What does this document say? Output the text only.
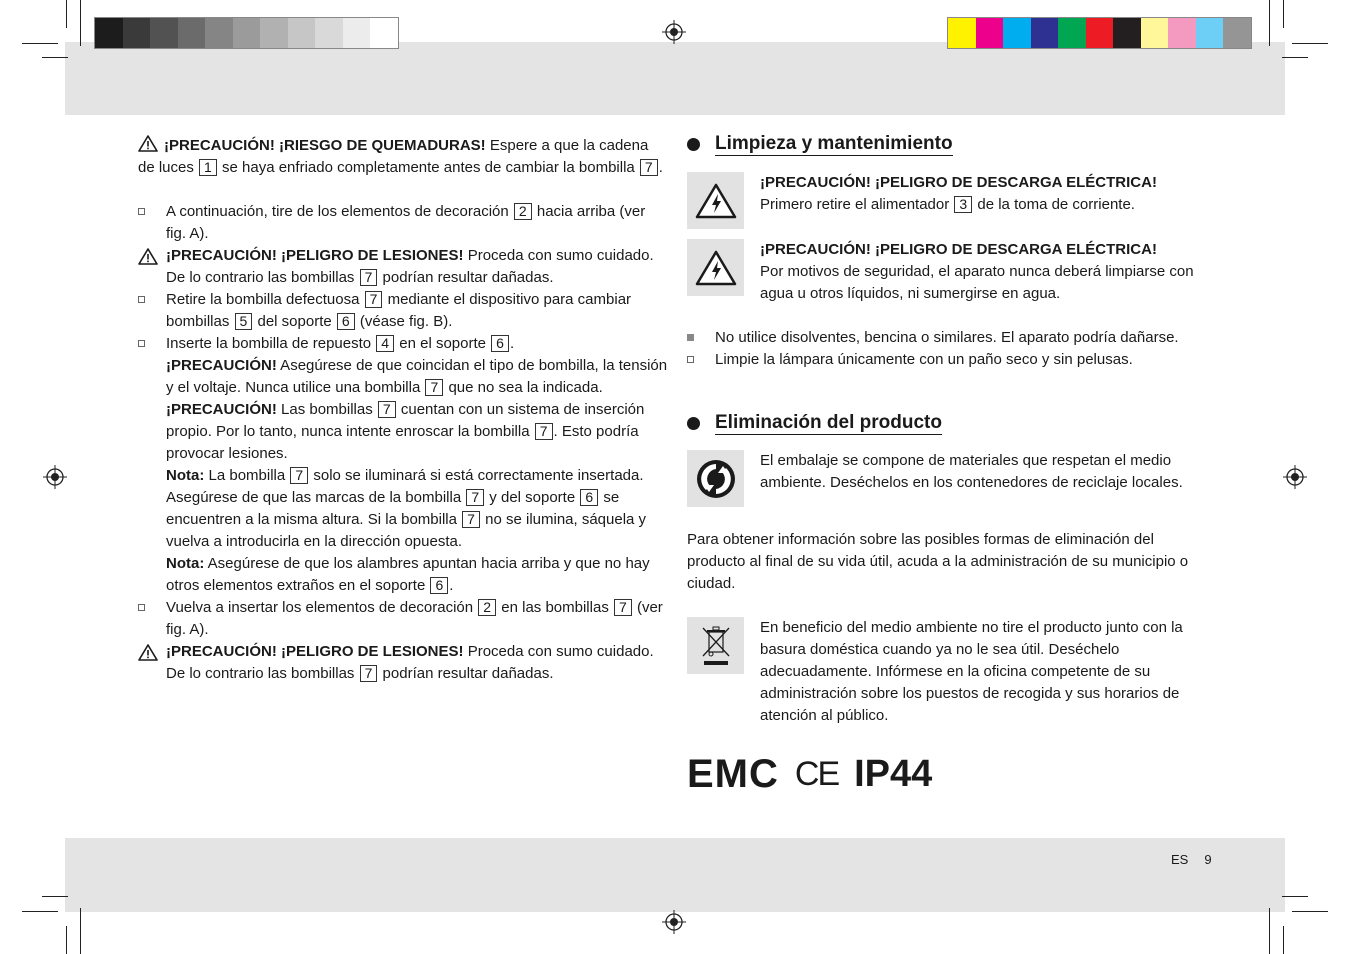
¡PRECAUCIÓN! ¡RIESGO DE QUEMADURAS! Espere a que la cadena de luces 1 se haya enfriado completamente antes de cambiar la bombilla 7 .

A continuación, tire de los elementos de decoración 2 hacia arriba (ver fig. A).

¡PRECAUCIÓN! ¡PELIGRO DE LESIONES! Proceda con sumo cuidado. De lo contrario las bombillas 7 podrían resultar dañadas.

Retire la bombilla defectuosa 7 mediante el dispositivo para cambiar bombillas 5 del soporte 6 (véase fig. B).

Inserte la bombilla de repuesto 4 en el soporte 6 .

¡PRECAUCIÓN! Asegúrese de que coincidan el tipo de bombilla, la tensión y el voltaje. Nunca utilice una bombilla 7 que no sea la indicada.

¡PRECAUCIÓN! Las bombillas 7 cuentan con un sistema de inserción propio. Por lo tanto, nunca intente enroscar la bombilla 7 . Esto podría provocar lesiones.

Nota: La bombilla 7 solo se iluminará si está correctamente insertada. Asegúrese de que las marcas de la bombilla 7 y del soporte 6 se encuentren a la misma altura. Si la bombilla 7 no se ilumina, sáquela y vuelva a introducirla en la dirección opuesta.

Nota: Asegúrese de que los alambres apuntan hacia arriba y que no hay otros elementos extraños en el soporte 6 .

Vuelva a insertar los elementos de decoración 2 en las bombillas 7 (ver fig. A).

¡PRECAUCIÓN! ¡PELIGRO DE LESIONES! Proceda con sumo cuidado. De lo contrario las bombillas 7 podrían resultar dañadas.

Limpieza y mantenimiento

¡PRECAUCIÓN! ¡PELIGRO DE DESCARGA ELÉCTRICA!

Primero retire el alimentador 3 de la toma de corriente.

¡PRECAUCIÓN! ¡PELIGRO DE DESCARGA ELÉCTRICA!

Por motivos de seguridad, el aparato nunca deberá limpiarse con agua u otros líquidos, ni sumergirse en agua.

No utilice disolventes, bencina o similares. El aparato podría dañarse.

Limpie la lámpara únicamente con un paño seco y sin pelusas.

Eliminación del producto

El embalaje se compone de materiales que respetan el medio ambiente. Deséchelos en los contenedores de reciclaje locales.

Para obtener información sobre las posibles formas de eliminación del producto al final de su vida útil, acuda a la administración de su municipio o ciudad.

En beneficio del medio ambiente no tire el producto junto con la basura doméstica cuando ya no le sea útil. Deséchelo adecuadamente. Infórmese en la oficina competente de su administración sobre los puestos de recogida y sus horarios de atención al público.

EMC CE IP44
ES 9
